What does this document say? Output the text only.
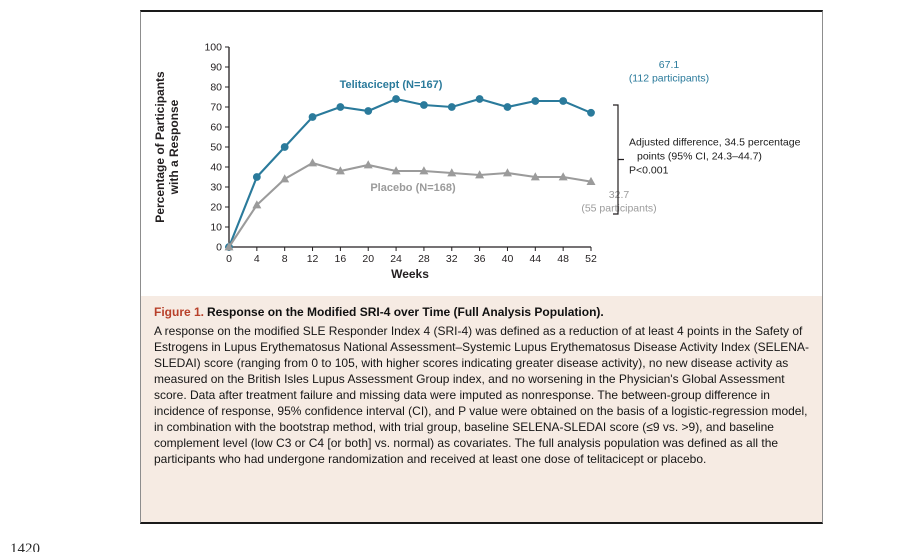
0
10
20
30
40
50
60
70
80
90
100
0 4 8 12 16 20 24 28 32 36 40 44 48 52
Weeks
Percentage of Participantswith a Response
Telitacicept (N=167)
67.1
(112 participants)
Placebo (N=168)
32.7
(55 participants)
Adjusted difference, 34.5 percentage
points (95% CI, 24.3–44.7)
P<0.001

Figure 1. Response on the Modified SRI-4 over Time (Full Analysis Population).

A response on the modified SLE Responder Index 4 (SRI-4) was defined as a reduction of at least 4 points in the Safety of Estrogens in Lupus Erythematosus National Assessment–Systemic Lupus Erythematosus Disease Activity Index (SELENA-SLEDAI) score (ranging from 0 to 105, with higher scores indicating greater disease activity), no new disease activity as measured on the British Isles Lupus Assessment Group index, and no worsening in the Physician's Global Assessment score. Data after treatment failure and missing data were imputed as nonresponse. The between-group difference in incidence of response, 95% confidence interval (CI), and P value were obtained on the basis of a logistic-regression model, in combination with the bootstrap method, with trial group, baseline SELENA-SLEDAI score (≤9 vs. >9), and baseline complement level (low C3 or C4 [or both] vs. normal) as covariates. The full analysis population was defined as all the participants who had undergone randomization and received at least one dose of telitacicept or placebo.

1420
